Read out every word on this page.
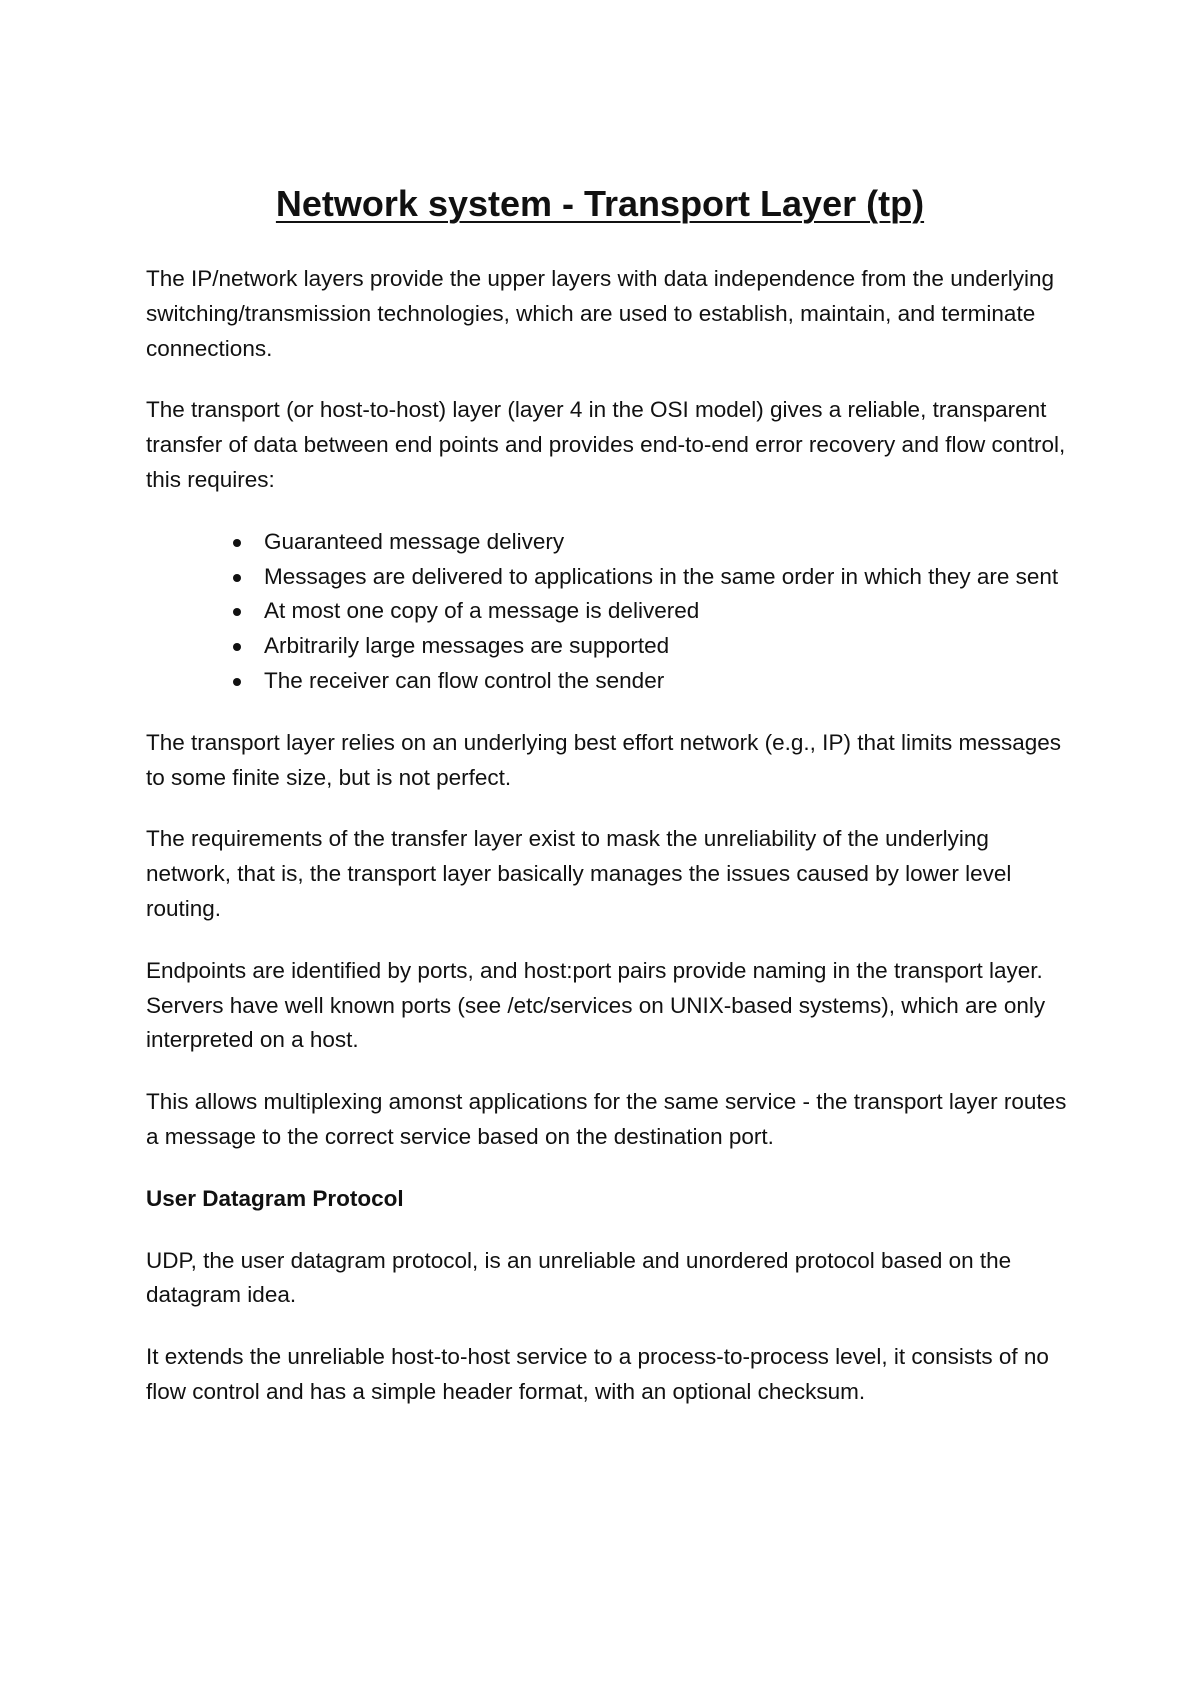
Network system - Transport Layer (tp)

The IP/network layers provide the upper layers with data independence from the underlying switching/transmission technologies, which are used to establish, maintain, and terminate connections.

The transport (or host-to-host) layer (layer 4 in the OSI model) gives a reliable, transparent transfer of data between end points and provides end-to-end error recovery and flow control, this requires:

Guaranteed message delivery
Messages are delivered to applications in the same order in which they are sent
At most one copy of a message is delivered
Arbitrarily large messages are supported
The receiver can flow control the sender

The transport layer relies on an underlying best effort network (e.g., IP) that limits messages to some finite size, but is not perfect.

The requirements of the transfer layer exist to mask the unreliability of the underlying network, that is, the transport layer basically manages the issues caused by lower level routing.

Endpoints are identified by ports, and host:port pairs provide naming in the transport layer. Servers have well known ports (see /etc/services on UNIX-based systems), which are only interpreted on a host.

This allows multiplexing amonst applications for the same service - the transport layer routes a message to the correct service based on the destination port.

User Datagram Protocol

UDP, the user datagram protocol, is an unreliable and unordered protocol based on the datagram idea.

It extends the unreliable host-to-host service to a process-to-process level, it consists of no flow control and has a simple header format, with an optional checksum.
